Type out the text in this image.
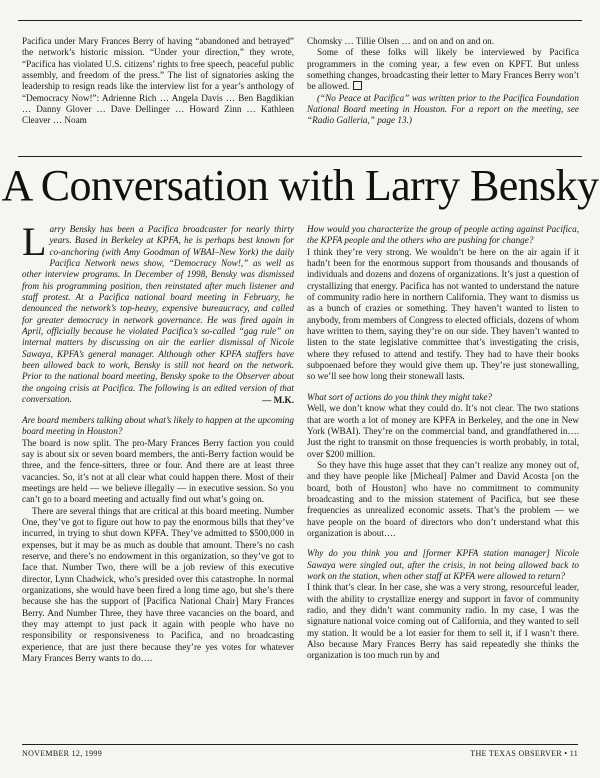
Pacifica under Mary Frances Berry of having “abandoned and betrayed” the network’s historic mission. “Under your direction,” they wrote, “Pacifica has violated U.S. citizens’ rights to free speech, peaceful public assembly, and freedom of the press.” The list of signatories asking the leadership to resign reads like the interview list for a year’s anthology of “Democracy Now!”: Adrienne Rich … Angela Davis … Ben Bagdikian … Danny Glover … Dave Dellinger … Howard Zinn … Kathleen Cleaver … Noam

Chomsky … Tillie Olsen … and on and on and on.

Some of these folks will likely be interviewed by Pacifica programmers in the coming year, a few even on KPFT. But unless something changes, broadcasting their letter to Mary Frances Berry won’t be allowed.

(“No Peace at Pacifica” was written prior to the Pacifica Foundation National Board meeting in Houston. For a report on the meeting, see “Radio Galleria,” page 13.)

A Conversation with Larry Bensky

Larry Bensky has been a Pacifica broadcaster for nearly thirty years. Based in Berkeley at KPFA, he is perhaps best known for co-anchoring (with Amy Goodman of WBAI–New York) the daily Pacifica Network news show, “Democracy Now!,” as well as other interview programs. In December of 1998, Bensky was dismissed from his programming position, then reinstated after much listener and staff protest. At a Pacifica national board meeting in February, he denounced the network’s top-heavy, expensive bureaucracy, and called for greater democracy in network governance. He was fired again in April, officially because he violated Pacifica’s so-called “gag rule” on internal matters by discussing on air the earlier dismissal of Nicole Sawaya, KPFA’s general manager. Although other KPFA staffers have been allowed back to work, Bensky is still not heard on the network. Prior to the national board meeting, Bensky spoke to the Observer about the ongoing crisis at Pacifica. The following is an edited version of that conversation.	— M.K.

Are board members talking about what’s likely to happen at the upcoming board meeting in Houston?

The board is now split. The pro-Mary Frances Berry faction you could say is about six or seven board members, the anti-Berry faction would be three, and the fence-sitters, three or four. And there are at least three vacancies. So, it’s not at all clear what could happen there. Most of their meetings are held — we believe illegally — in executive session. So you can’t go to a board meeting and actually find out what’s going on.

There are several things that are critical at this board meeting. Number One, they’ve got to figure out how to pay the enormous bills that they’ve incurred, in trying to shut down KPFA. They’ve admitted to $500,000 in expenses, but it may be as much as double that amount. There’s no cash reserve, and there’s no endowment in this organization, so they’ve got to face that. Number Two, there will be a job review of this executive director, Lynn Chadwick, who’s presided over this catastrophe. In normal organizations, she would have been fired a long time ago, but she’s there because she has the support of [Pacifica National Chair] Mary Frances Berry. And Number Three, they have three vacancies on the board, and they may attempt to just pack it again with people who have no responsibility or responsiveness to Pacifica, and no broadcasting experience, that are just there because they’re yes votes for whatever Mary Frances Berry wants to do….

How would you characterize the group of people acting against Pacifica, the KPFA people and the others who are pushing for change?

I think they’re very strong. We wouldn’t be here on the air again if it hadn’t been for the enormous support from thousands and thousands of individuals and dozens and dozens of organizations. It’s just a question of crystallizing that energy. Pacifica has not wanted to understand the nature of community radio here in northern California. They want to dismiss us as a bunch of crazies or something. They haven’t wanted to listen to anybody, from members of Congress to elected officials, dozens of whom have written to them, saying they’re on our side. They haven’t wanted to listen to the state legislative committee that’s investigating the crisis, where they refused to attend and testify. They had to have their books subpoenaed before they would give them up. They’re just stonewalling, so we’ll see how long their stonewall lasts.

What sort of actions do you think they might take?

Well, we don’t know what they could do. It’s not clear. The two stations that are worth a lot of money are KPFA in Berkeley, and the one in New York (WBAI). They’re on the commercial band, and grandfathered in…. Just the right to transmit on those frequencies is worth probably, in total, over $200 million.

So they have this huge asset that they can’t realize any money out of, and they have people like [Micheal] Palmer and David Acosta [on the board, both of Houston] who have no commitment to community broadcasting and to the mission statement of Pacifica, but see these frequencies as unrealized economic assets. That’s the problem — we have people on the board of directors who don’t understand what this organization is about….

Why do you think you and [former KPFA station manager] Nicole Sawaya were singled out, after the crisis, in not being allowed back to work on the station, when other staff at KPFA were allowed to return?

I think that’s clear. In her case, she was a very strong, resourceful leader, with the ability to crystallize energy and support in favor of community radio, and they didn’t want community radio. In my case, I was the signature national voice coming out of California, and they wanted to sell my station. It would be a lot easier for them to sell it, if I wasn’t there. Also because Mary Frances Berry has said repeatedly she thinks the organization is too much run by and

NOVEMBER 12, 1999	THE TEXAS OBSERVER • 11
